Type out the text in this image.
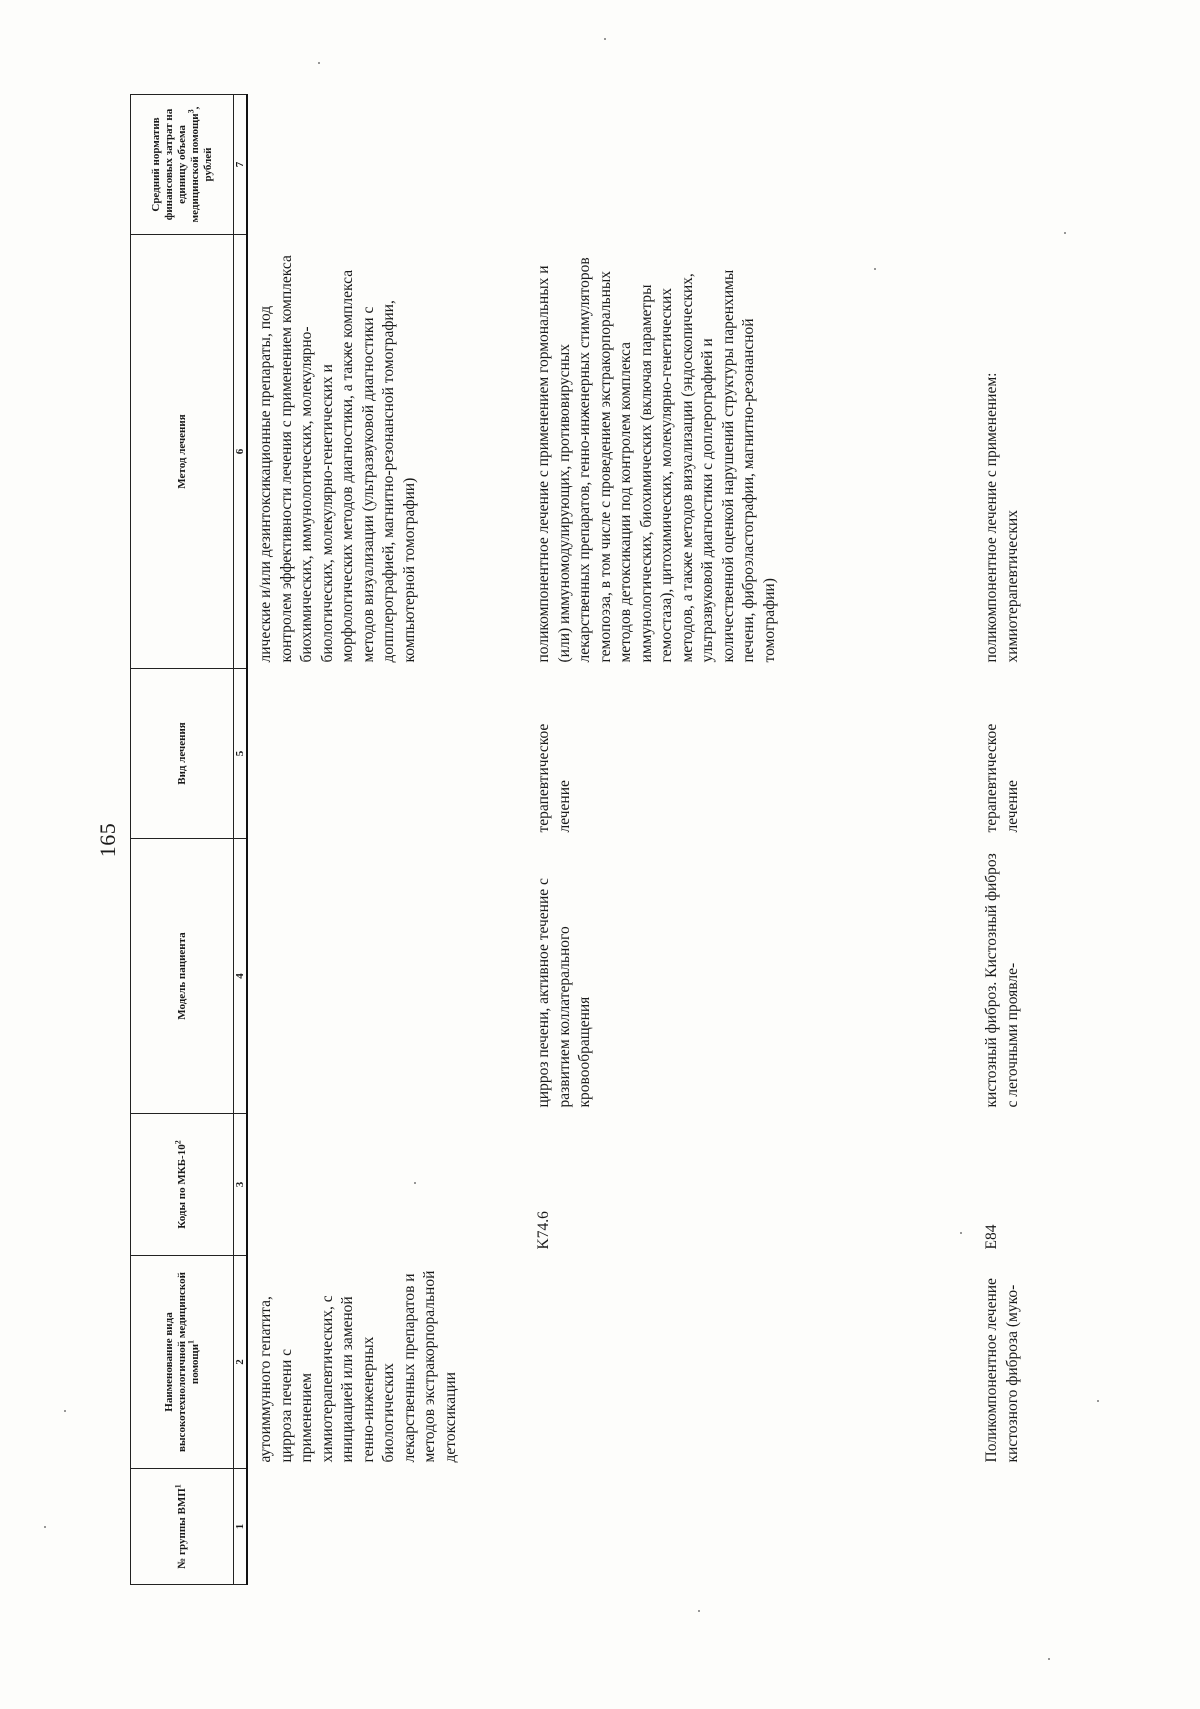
165
№ группы ВМП$^1$	Наименование вида высокотехнологичной медицинской помощи$^1$	Коды по МКБ-$10^2$	Модель пациента	Вид лечения	Метод лечения	Средний норматив финансовых затрат на единицу объема медицинской помощи$^3$, рублей
1	2	3	4	5	6	7
	аутоиммунного гепатита, цирроза печени с применением химиотерапевтических, с инициацией или заменой генно-инженерных биологических лекарственных препаратов и методов экстракорпоральной детоксикации				лические и/или дезинтоксикационные препараты, под контролем эффективности лечения с применением комплекса биохимических, иммунологических, молекулярно-биологических, молекулярно-генетических и морфологических методов диагностики, а также комплекса методов визуализации (ультразвуковой диагностики с допплерографией, магнитно-резонансной томографии, компьютерной томографии)	
		K74.6	цирроз печени, активное течение с развитием коллатерального кровообращения	терапевтическое лечение	поликомпонентное лечение с применением гормональных и (или) иммуномодулирующих, противовирусных лекарственных препаратов, генно-инженерных стимуляторов гемопоэза, в том числе с проведением экстракорпоральных методов детоксикации под контролем комплекса иммунологических, биохимических (включая параметры гемостаза), цитохимических, молекулярно-генетических методов, а также методов визуализации (эндоскопических, ультразвуковой диагностики с доплерографией и количественной оценкой нарушений структуры паренхимы печени, фиброэластографии, магнитно-резонансной томографии)	
	Поликомпонентное лечение кистозного фиброза (муко-	E84	кистозный фиброз. Кистозный фиброз с легочными проявле-	терапевтическое лечение	поликомпонентное лечение с применением: химиотерапевтических	
